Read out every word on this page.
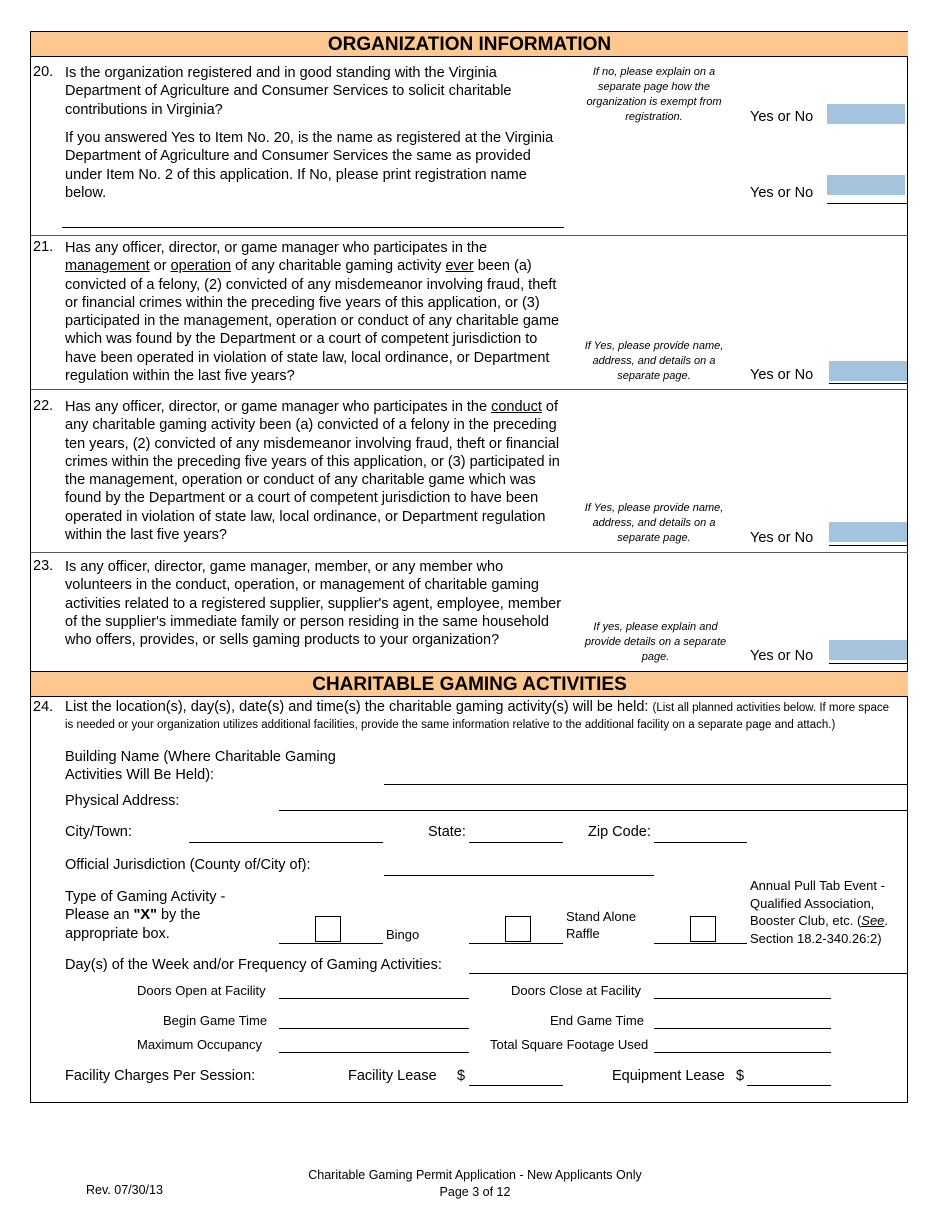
ORGANIZATION INFORMATION
20. Is the organization registered and in good standing with the Virginia Department of Agriculture and Consumer Services to solicit charitable contributions in Virginia?
If no, please explain on a separate page how the organization is exempt from registration.	Yes or No
If you answered Yes to Item No. 20, is the name as registered at the Virginia Department of Agriculture and Consumer Services the same as provided under Item No. 2 of this application. If No, please print registration name below.	Yes or No
21. Has any officer, director, or game manager who participates in the management or operation of any charitable gaming activity ever been (a) convicted of a felony, (2) convicted of any misdemeanor involving fraud, theft or financial crimes within the preceding five years of this application, or (3) participated in the management, operation or conduct of any charitable game which was found by the Department or a court of competent jurisdiction to have been operated in violation of state law, local ordinance, or Department regulation within the last five years?
If Yes, please provide name, address, and details on a separate page.	Yes or No
22. Has any officer, director, or game manager who participates in the conduct of any charitable gaming activity been (a) convicted of a felony in the preceding ten years, (2) convicted of any misdemeanor involving fraud, theft or financial crimes within the preceding five years of this application, or (3) participated in the management, operation or conduct of any charitable game which was found by the Department or a court of competent jurisdiction to have been operated in violation of state law, local ordinance, or Department regulation within the last five years?
If Yes, please provide name, address, and details on a separate page.	Yes or No
23. Is any officer, director, game manager, member, or any member who volunteers in the conduct, operation, or management of charitable gaming activities related to a registered supplier, supplier's agent, employee, member of the supplier's immediate family or person residing in the same household who offers, provides, or sells gaming products to your organization?
If yes, please explain and provide details on a separate page.	Yes or No
CHARITABLE GAMING ACTIVITIES
24. List the location(s), day(s), date(s) and time(s) the charitable gaming activity(s) will be held: (List all planned activities below. If more space is needed or your organization utilizes additional facilities, provide the same information relative to the additional facility on a separate page and attach.)
Building Name (Where Charitable Gaming Activities Will Be Held):
Physical Address:
City/Town:	State:	Zip Code:
Official Jurisdiction (County of/City of):
Type of Gaming Activity -
Please an "X" by the
appropriate box.	Bingo
Stand Alone
Raffle
Annual Pull Tab Event -
Qualified Association,
Booster Club, etc. (See.
Section 18.2-340.26:2)
Day(s) of the Week and/or Frequency of Gaming Activities:
Doors Open at Facility	Doors Close at Facility
Begin Game Time	End Game Time
Maximum Occupancy	Total Square Footage Used
Facility Charges Per Session:	Facility Lease $	Equipment Lease $
Rev. 07/30/13
Charitable Gaming Permit Application - New Applicants Only
Page 3 of 12
